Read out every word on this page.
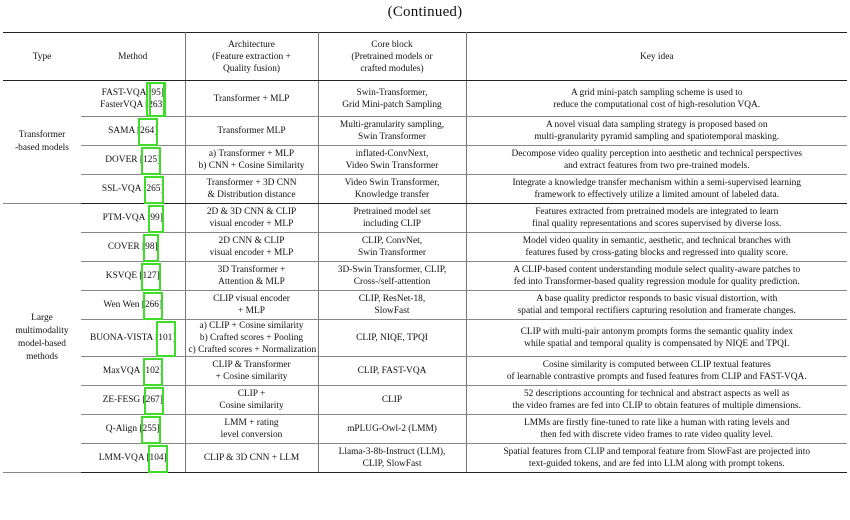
(Continued)
Type	Method	Architecture
(Feature extraction +
Quality fusion)	Core block
(Pretrained models or
crafted modules)	Key idea

Transformer
-based models	FAST-VQA [95]
FasterVQA [263]	Transformer + MLP	Swin-Transformer,
Grid Mini-patch Sampling	A grid mini-patch sampling scheme is used to
reduce the computational cost of high-resolution VQA.

	SAMA [264]	Transformer MLP	Multi-granularity sampling,
Swin Transformer	A novel visual data sampling strategy is proposed based on
multi-granularity pyramid sampling and spatiotemporal masking.

	DOVER [125]	a) Transformer + MLP
b) CNN + Cosine Similarity	inflated-ConvNext,
Video Swin Transformer	Decompose video quality perception into aesthetic and technical perspectives
and extract features from two pre-trained models.

	SSL-VQA [265]	Transformer + 3D CNN
& Distribution distance	Video Swin Transformer,
Knowledge transfer	Integrate a knowledge transfer mechanism within a semi-supervised learning
framework to effectively utilize a limited amount of labeled data.

Large
multimodality
model-based
methods	PTM-VQA [99]	2D & 3D CNN & CLIP
visual encoder + MLP	Pretrained model set
including CLIP	Features extracted from pretrained models are integrated to learn
final quality representations and scores supervised by diverse loss.

	COVER [98]	2D CNN & CLIP
visual encoder + MLP	CLIP, ConvNet,
Swin Transformer	Model video quality in semantic, aesthetic, and technical branches with
features fused by cross-gating blocks and regressed into quality score.

	KSVQE [127]	3D Transformer +
Attention & MLP	3D-Swin Transformer, CLIP,
Cross-/self-attention	A CLIP-based content understanding module select quality-aware patches to
fed into Transformer-based quality regression module for quality prediction.

	Wen Wen [266]	CLIP visual encoder
+ MLP	CLIP, ResNet-18,
SlowFast	A base quality predictor responds to basic visual distortion, with
spatial and temporal rectifiers capturing resolution and framerate changes.

	BUONA-VISTA [101]	a) CLIP + Cosine similarity
b) Crafted scores + Pooling
c) Crafted scores + Normalization	CLIP, NIQE, TPQI	CLIP with multi-pair antonym prompts forms the semantic quality index
while spatial and temporal quality is compensated by NIQE and TPQI.

	MaxVQA [102]	CLIP & Transformer
+ Cosine similarity	CLIP, FAST-VQA	Cosine similarity is computed between CLIP textual features
of learnable contrastive prompts and fused features from CLIP and FAST-VQA.

	ZE-FESG [267]	CLIP +
Cosine similarity	CLIP	52 descriptions accounting for technical and abstract aspects as well as
the video frames are fed into CLIP to obtain features of multiple dimensions.

	Q-Align [255]	LMM + rating
level conversion	mPLUG-Owl-2 (LMM)	LMMs are firstly fine-tuned to rate like a human with rating levels and
then fed with discrete video frames to rate video quality level.

	LMM-VQA [104]	CLIP & 3D CNN + LLM	Llama-3-8b-Instruct (LLM),
CLIP, SlowFast	Spatial features from CLIP and temporal feature from SlowFast are projected into
text-guided tokens, and are fed into LLM along with prompt tokens.
